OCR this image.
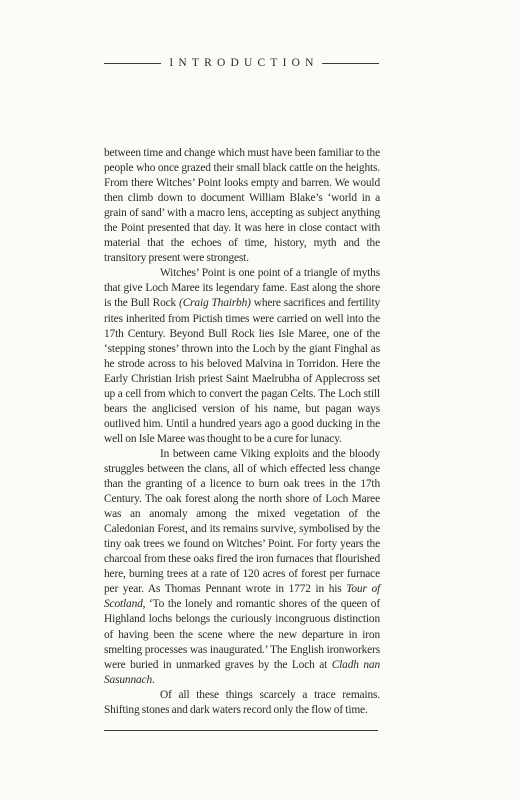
INTRODUCTION

between time and change which must have been familiar to the people who once grazed their small black cattle on the heights. From there Witches’ Point looks empty and barren. We would then climb down to document William Blake’s ‘world in a grain of sand’ with a macro lens, accepting as subject anything the Point presented that day. It was here in close contact with material that the echoes of time, history, myth and the transitory present were strongest.

Witches’ Point is one point of a triangle of myths that give Loch Maree its legendary fame. East along the shore is the Bull Rock (Craig Thairbh) where sacrifices and fertility rites inherited from Pictish times were carried on well into the 17th Century. Beyond Bull Rock lies Isle Maree, one of the ‘stepping stones’ thrown into the Loch by the giant Finghal as he strode across to his beloved Malvina in Torridon. Here the Early Christian Irish priest Saint Maelrubha of Applecross set up a cell from which to convert the pagan Celts. The Loch still bears the anglicised version of his name, but pagan ways outlived him. Until a hundred years ago a good ducking in the well on Isle Maree was thought to be a cure for lunacy.

In between came Viking exploits and the bloody struggles between the clans, all of which effected less change than the granting of a licence to burn oak trees in the 17th Century. The oak forest along the north shore of Loch Maree was an anomaly among the mixed vegetation of the Caledonian Forest, and its remains survive, symbolised by the tiny oak trees we found on Witches’ Point. For forty years the charcoal from these oaks fired the iron furnaces that flourished here, burning trees at a rate of 120 acres of forest per furnace per year. As Thomas Pennant wrote in 1772 in his Tour of Scotland, ‘To the lonely and romantic shores of the queen of Highland lochs belongs the curiously incongruous distinction of having been the scene where the new departure in iron smelting processes was inaugurated.’ The English ironworkers were buried in unmarked graves by the Loch at Cladh nan Sasunnach.

Of all these things scarcely a trace remains. Shifting stones and dark waters record only the flow of time.
